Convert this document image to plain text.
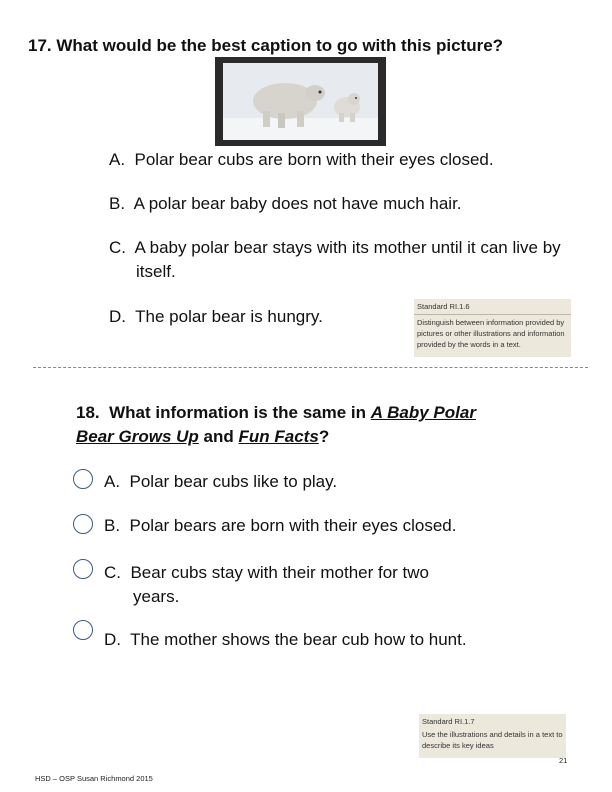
17. What would be the best caption to go with this picture?
A. Polar bear cubs are born with their eyes closed.
B. A polar bear baby does not have much hair.
C. A baby polar bear stays with its mother until it can live by itself.
D. The polar bear is hungry.
Standard RI.1.6
Distinguish between information provided by pictures or other illustrations and information provided by the words in a text.
18. What information is the same in A Baby Polar Bear Grows Up and Fun Facts?
A. Polar bear cubs like to play.
B. Polar bears are born with their eyes closed.
C. Bear cubs stay with their mother for two years.
D. The mother shows the bear cub how to hunt.
Standard RI.1.7
Use the illustrations and details in a text to describe its key ideas
21
HSD – OSP Susan Richmond 2015
